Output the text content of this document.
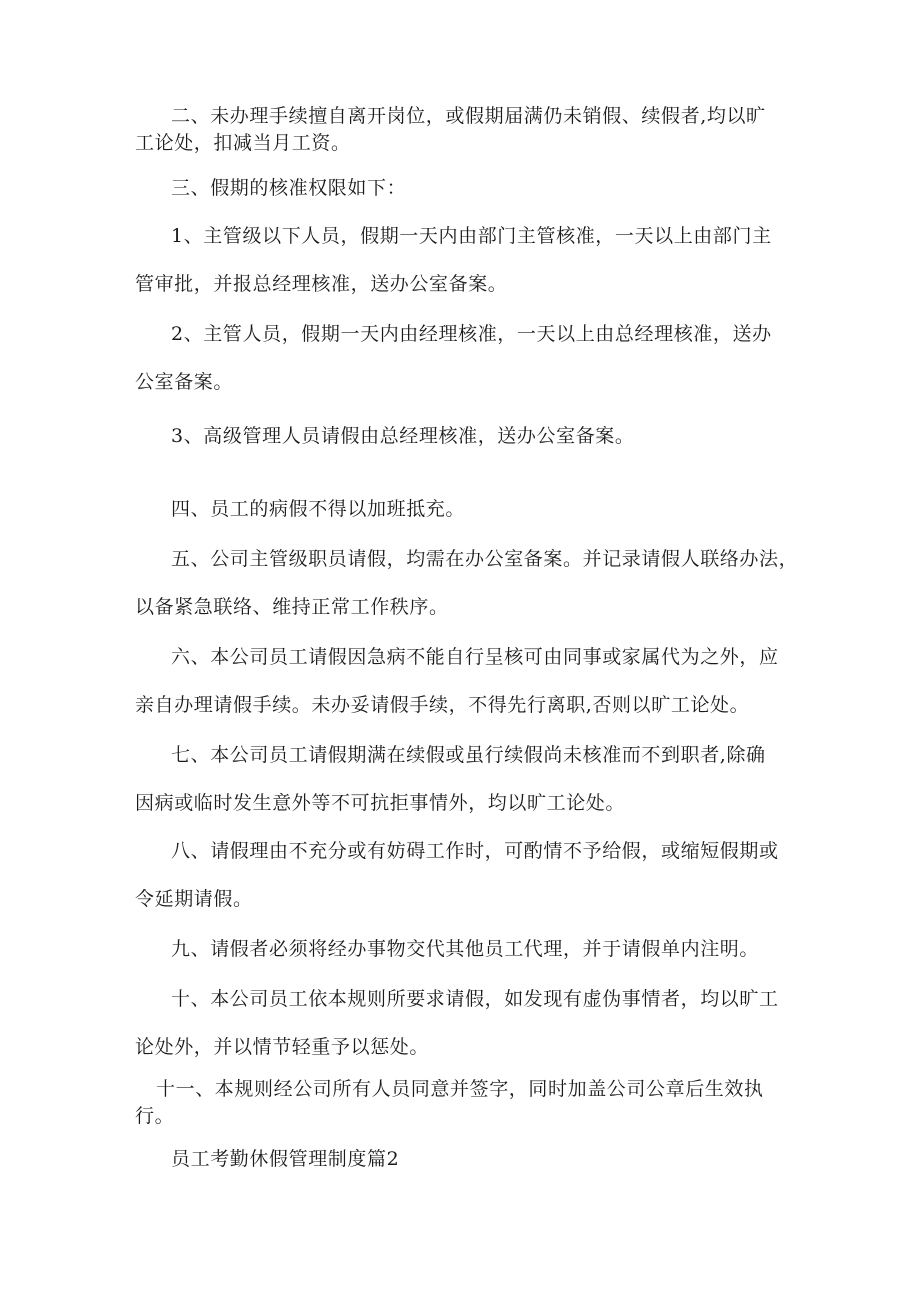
二、未办理手续擅自离开岗位，或假期届满仍未销假、续假者,均以旷
工论处，扣减当月工资。
三、假期的核准权限如下：
1、主管级以下人员，假期一天内由部门主管核准，一天以上由部门主
管审批，并报总经理核准，送办公室备案。
2、主管人员，假期一天内由经理核准，一天以上由总经理核准，送办
公室备案。
3、高级管理人员请假由总经理核准，送办公室备案。
四、员工的病假不得以加班抵充。
五、公司主管级职员请假，均需在办公室备案。并记录请假人联络办法，
以备紧急联络、维持正常工作秩序。
六、本公司员工请假因急病不能自行呈核可由同事或家属代为之外，应
亲自办理请假手续。未办妥请假手续，不得先行离职,否则以旷工论处。
七、本公司员工请假期满在续假或虽行续假尚未核准而不到职者,除确
因病或临时发生意外等不可抗拒事情外，均以旷工论处。
八、请假理由不充分或有妨碍工作时，可酌情不予给假，或缩短假期或
令延期请假。
九、请假者必须将经办事物交代其他员工代理，并于请假单内注明。
十、本公司员工依本规则所要求请假，如发现有虚伪事情者，均以旷工
论处外，并以情节轻重予以惩处。
十一、本规则经公司所有人员同意并签字，同时加盖公司公章后生效执
行。
员工考勤休假管理制度篇2
